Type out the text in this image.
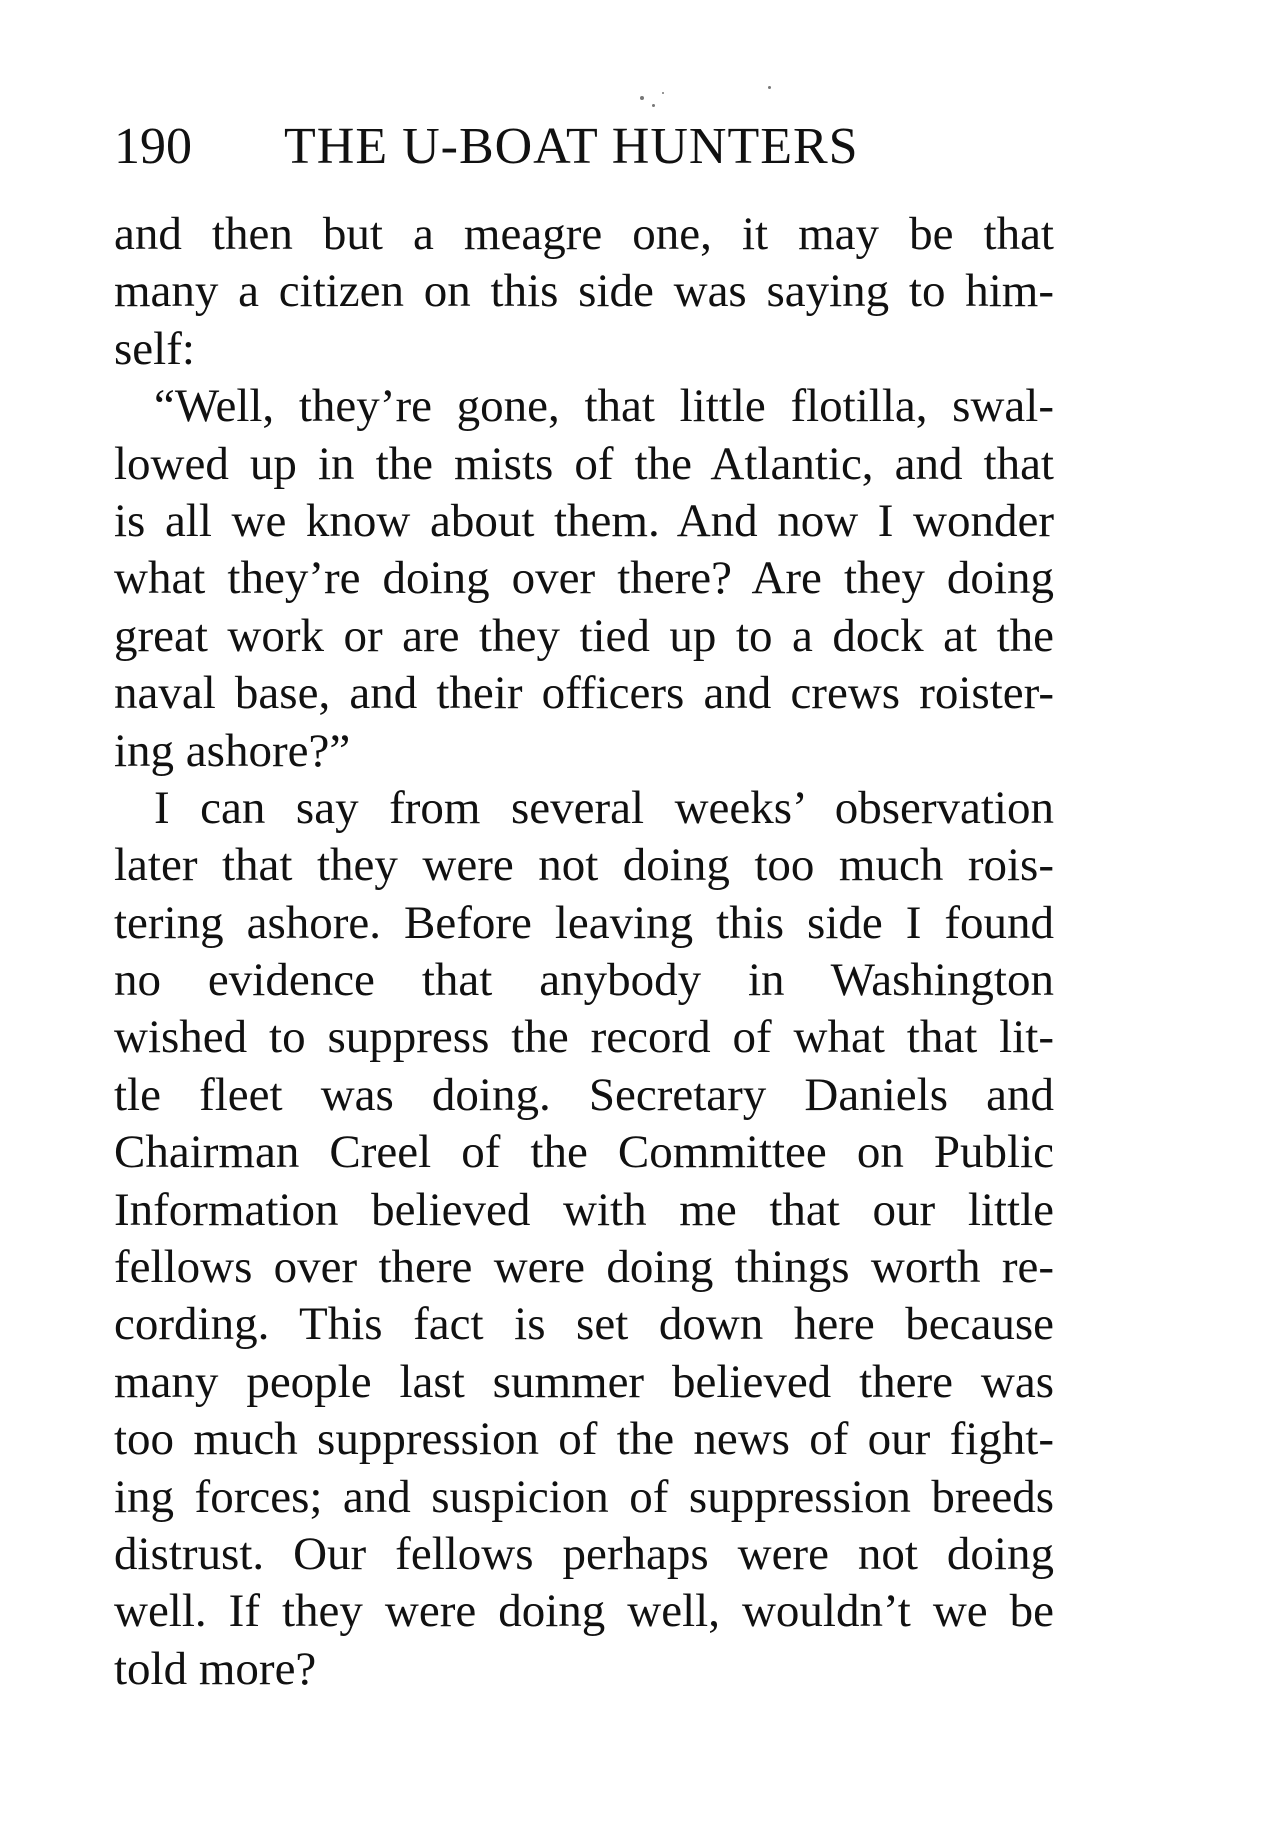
190 THE U-BOAT HUNTERS
and then but a meagre one, it may be that
many a citizen on this side was saying to him-
self:
“Well, they’re gone, that little flotilla, swal-
lowed up in the mists of the Atlantic, and that
is all we know about them. And now I wonder
what they’re doing over there? Are they doing
great work or are they tied up to a dock at the
naval base, and their officers and crews roister-
ing ashore?”
I can say from several weeks’ observation
later that they were not doing too much rois-
tering ashore. Before leaving this side I found
no evidence that anybody in Washington
wished to suppress the record of what that lit-
tle fleet was doing. Secretary Daniels and
Chairman Creel of the Committee on Public
Information believed with me that our little
fellows over there were doing things worth re-
cording. This fact is set down here because
many people last summer believed there was
too much suppression of the news of our fight-
ing forces; and suspicion of suppression breeds
distrust. Our fellows perhaps were not doing
well. If they were doing well, wouldn’t we be
told more?
